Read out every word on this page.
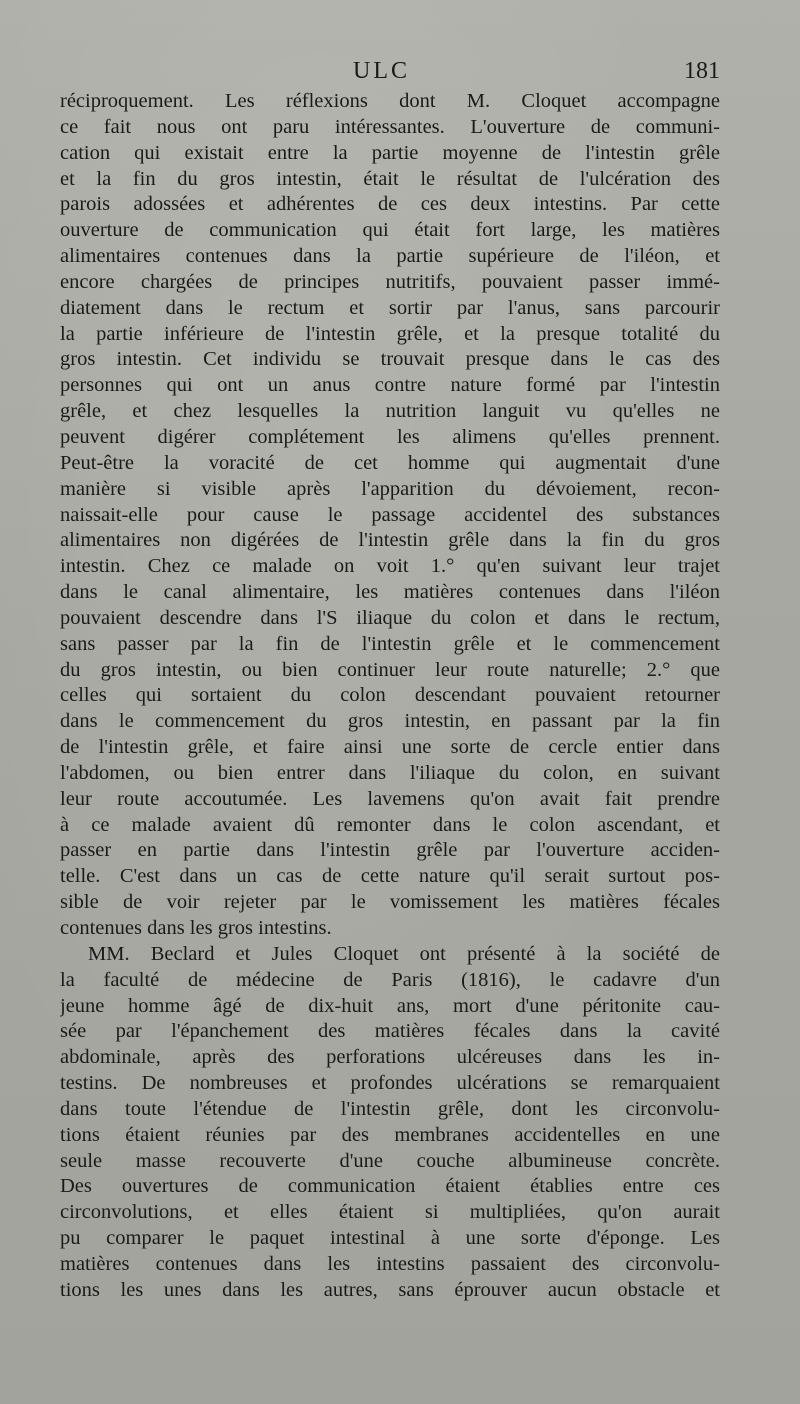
ULC	181
réciproquement. Les réflexions dont M. Cloquet accompagne
ce fait nous ont paru intéressantes. L'ouverture de communi-
cation qui existait entre la partie moyenne de l'intestin grêle
et la fin du gros intestin, était le résultat de l'ulcération des
parois adossées et adhérentes de ces deux intestins. Par cette
ouverture de communication qui était fort large, les matières
alimentaires contenues dans la partie supérieure de l'iléon, et
encore chargées de principes nutritifs, pouvaient passer immé-
diatement dans le rectum et sortir par l'anus, sans parcourir
la partie inférieure de l'intestin grêle, et la presque totalité du
gros intestin. Cet individu se trouvait presque dans le cas des
personnes qui ont un anus contre nature formé par l'intestin
grêle, et chez lesquelles la nutrition languit vu qu'elles ne
peuvent digérer complétement les alimens qu'elles prennent.
Peut-être la voracité de cet homme qui augmentait d'une
manière si visible après l'apparition du dévoiement, recon-
naissait-elle pour cause le passage accidentel des substances
alimentaires non digérées de l'intestin grêle dans la fin du gros
intestin. Chez ce malade on voit 1.° qu'en suivant leur trajet
dans le canal alimentaire, les matières contenues dans l'iléon
pouvaient descendre dans l'S iliaque du colon et dans le rectum,
sans passer par la fin de l'intestin grêle et le commencement
du gros intestin, ou bien continuer leur route naturelle; 2.° que
celles qui sortaient du colon descendant pouvaient retourner
dans le commencement du gros intestin, en passant par la fin
de l'intestin grêle, et faire ainsi une sorte de cercle entier dans
l'abdomen, ou bien entrer dans l'iliaque du colon, en suivant
leur route accoutumée. Les lavemens qu'on avait fait prendre
à ce malade avaient dû remonter dans le colon ascendant, et
passer en partie dans l'intestin grêle par l'ouverture acciden-
telle. C'est dans un cas de cette nature qu'il serait surtout pos-
sible de voir rejeter par le vomissement les matières fécales
contenues dans les gros intestins.
MM. Beclard et Jules Cloquet ont présenté à la société de
la faculté de médecine de Paris (1816), le cadavre d'un
jeune homme âgé de dix-huit ans, mort d'une péritonite cau-
sée par l'épanchement des matières fécales dans la cavité
abdominale, après des perforations ulcéreuses dans les in-
testins. De nombreuses et profondes ulcérations se remarquaient
dans toute l'étendue de l'intestin grêle, dont les circonvolu-
tions étaient réunies par des membranes accidentelles en une
seule masse recouverte d'une couche albumineuse concrète.
Des ouvertures de communication étaient établies entre ces
circonvolutions, et elles étaient si multipliées, qu'on aurait
pu comparer le paquet intestinal à une sorte d'éponge. Les
matières contenues dans les intestins passaient des circonvolu-
tions les unes dans les autres, sans éprouver aucun obstacle et
